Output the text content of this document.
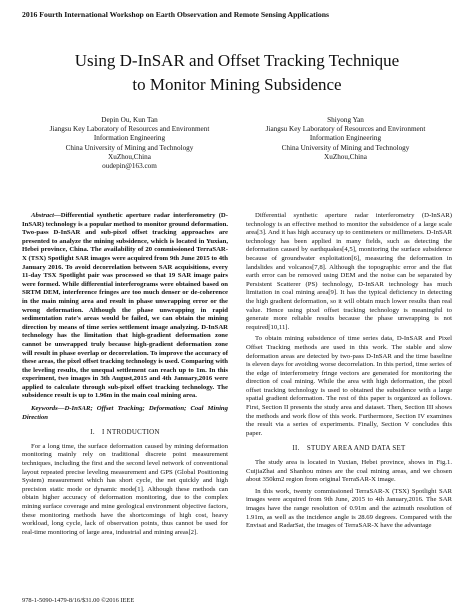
2016 Fourth International Workshop on Earth Observation and Remote Sensing Applications
Using D-InSAR and Offset Tracking Technique
to Monitor Mining Subsidence
Depin Ou, Kun Tan
Jiangsu Key Laboratory of Resources and Environment
Information Engineering
China University of Mining and Technology
XuZhou,China
oudepin@163.com
Shiyong Yan
Jiangsu Key Laboratory of Resources and Environment
Information Engineering
China University of Mining and Technology
XuZhou,China

Abstract—Differential synthetic aperture radar interferometry (D-InSAR) technology is a popular method to monitor ground deformation. Two-pass D-InSAR and sub-pixel offset tracking approaches are presented to analyze the mining subsidence, which is located in Yuxian, Hebei province, China. The availability of 20 commissioned TerraSAR-X (TSX) Spotlight SAR images were acquired from 9th June 2015 to 4th January 2016. To avoid decorrelation between SAR acquisitions, every 11-day TSX Spotlight pair was processed so that 19 SAR image pairs were formed. While differential interferograms were obtained based on SRTM DEM, interference fringes are too much denser or de-coherence in the main mining area and result in phase unwrapping error or the wrong deformation. Although the phase unwrapping in rapid sedimentation rate's areas would be failed, we can obtain the mining direction by means of time series settlement image analyzing. D-InSAR technology has the limitation that high-gradient deformation zone cannot be unwrapped truly because high-gradient deformation zone will result in phase overlap or decorrelation. To improve the accuracy of these areas, the pixel offset tracking technology is used. Comparing with the leveling results, the unequal settlement can reach up to 1m. In this experiment, two images in 3th August,2015 and 4th January,2016 were applied to calculate through sub-pixel offset tracking technology. The subsidence result is up to 1.96m in the main coal mining area.

Keywords—D-InSAR; Offset Tracking; Deformation; Coal Mining Direction

I. I NTRODUCTION

For a long time, the surface deformation caused by mining deformation monitoring mainly rely on traditional discrete point measurement techniques, including the first and the second level network of conventional layout repeated precise leveling measurement and GPS (Global Positioning System) measurement which has short cycle, the net quickly and high precision static mode or dynamic mode[1]. Although these methods can obtain higher accuracy of deformation monitoring, due to the complex mining surface coverage and mine geological environment objective factors, these monitoring methods have the shortcomings of high cost, heavy workload, long cycle, lack of observation points, thus cannot be used for real-time monitoring of large area, industrial and mining areas[2].

Differential synthetic aperture radar interferometry (D-InSAR) technology is an effective method to monitor the subsidence of a large scale area[3]. And it has high accuracy up to centimeters or millimeters. D-InSAR technology has been applied in many fields, such as detecting the deformation caused by earthquakes[4,5], monitoring the surface subsidence because of groundwater exploitation[6], measuring the deformation in landslides and volcanos[7,8]. Although the topographic error and the flat earth error can be removed using DEM and the noise can be separated by Persistent Scatterer (PS) technology, D-InSAR technology has much limitation in coal mining area[9]. It has the typical deficiency in detecting the high gradient deformation, so it will obtain much lower results than real value. Hence using pixel offset tracking technology is meaningful to generate more reliable results because the phase unwrapping is not required[10,11].

To obtain mining subsidence of time series data, D-InSAR and Pixel Offset Tracking methods are used in this work. The stable and slow deformation areas are detected by two-pass D-InSAR and the time baseline is eleven days for avoiding worse decorrelation. In this period, time series of the edge of interferometry fringe vectors are generated for monitoring the direction of coal mining. While the area with high deformation, the pixel offset tracking technology is used to obtained the subsidence with a large spatial gradient deformation. The rest of this paper is organized as follows. First, Section II presents the study area and dataset. Then, Section III shows the methods and work flow of this work. Furthermore, Section IV examines the result via a series of experiments. Finally, Section V concludes this paper.

II. STUDY AREA AND DATA SET

The study area is located in Yuxian, Hebei province, shows in Fig.1. CuijiaZhai and Shanhou mines are the coal mining areas, and we chosen about 350km2 region from original TerraSAR-X image.

In this work, twenty commissioned TerraSAR-X (TSX) Spotlight SAR images were acquired from 9th June, 2015 to 4th January,2016. The SAR images have the range resolution of 0.91m and the azimuth resolution of 1.91m, as well as the incidence angle is 28.69 degrees. Compared with the Envisat and RadarSat, the images of TerraSAR-X have the advantage

978-1-5090-1479-8/16/$31.00 ©2016 IEEE
